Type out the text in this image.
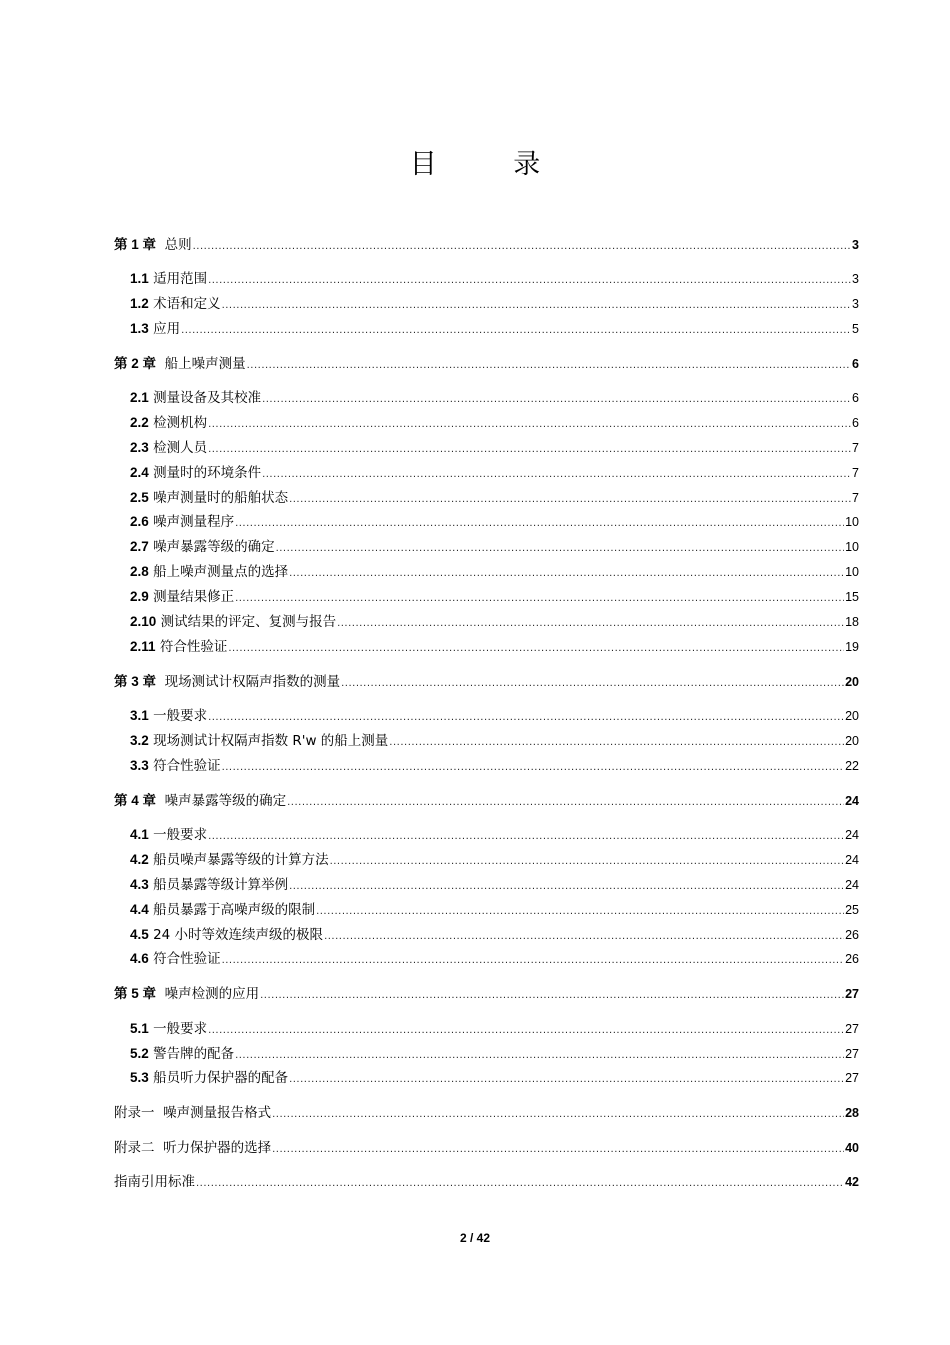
目 录
第 1 章 总则 .....	3
1.1 适用范围 .....	3
1.2 术语和定义 .....	3
1.3 应用 .....	5
第 2 章 船上噪声测量 .....	6
2.1 测量设备及其校准 .....	6
2.2 检测机构 .....	6
2.3 检测人员 .....	7
2.4 测量时的环境条件 .....	7
2.5 噪声测量时的船舶状态 .....	7
2.6 噪声测量程序 .....	10
2.7 噪声暴露等级的确定 .....	10
2.8 船上噪声测量点的选择 .....	10
2.9 测量结果修正 .....	15
2.10 测试结果的评定、复测与报告 .....	18
2.11 符合性验证 .....	19
第 3 章 现场测试计权隔声指数的测量 .....	20
3.1 一般要求 .....	20
3.2 现场测试计权隔声指数 R'w 的船上测量 .....	20
3.3 符合性验证 .....	22
第 4 章 噪声暴露等级的确定 .....	24
4.1 一般要求 .....	24
4.2 船员噪声暴露等级的计算方法 .....	24
4.3 船员暴露等级计算举例 .....	24
4.4 船员暴露于高噪声级的限制 .....	25
4.5 24 小时等效连续声级的极限 .....	26
4.6 符合性验证 .....	26
第 5 章 噪声检测的应用 .....	27
5.1 一般要求 .....	27
5.2 警告牌的配备 .....	27
5.3 船员听力保护器的配备 .....	27
附录一 噪声测量报告格式 .....	28
附录二 听力保护器的选择 .....	40
指南引用标准 .....	42
2 / 42
